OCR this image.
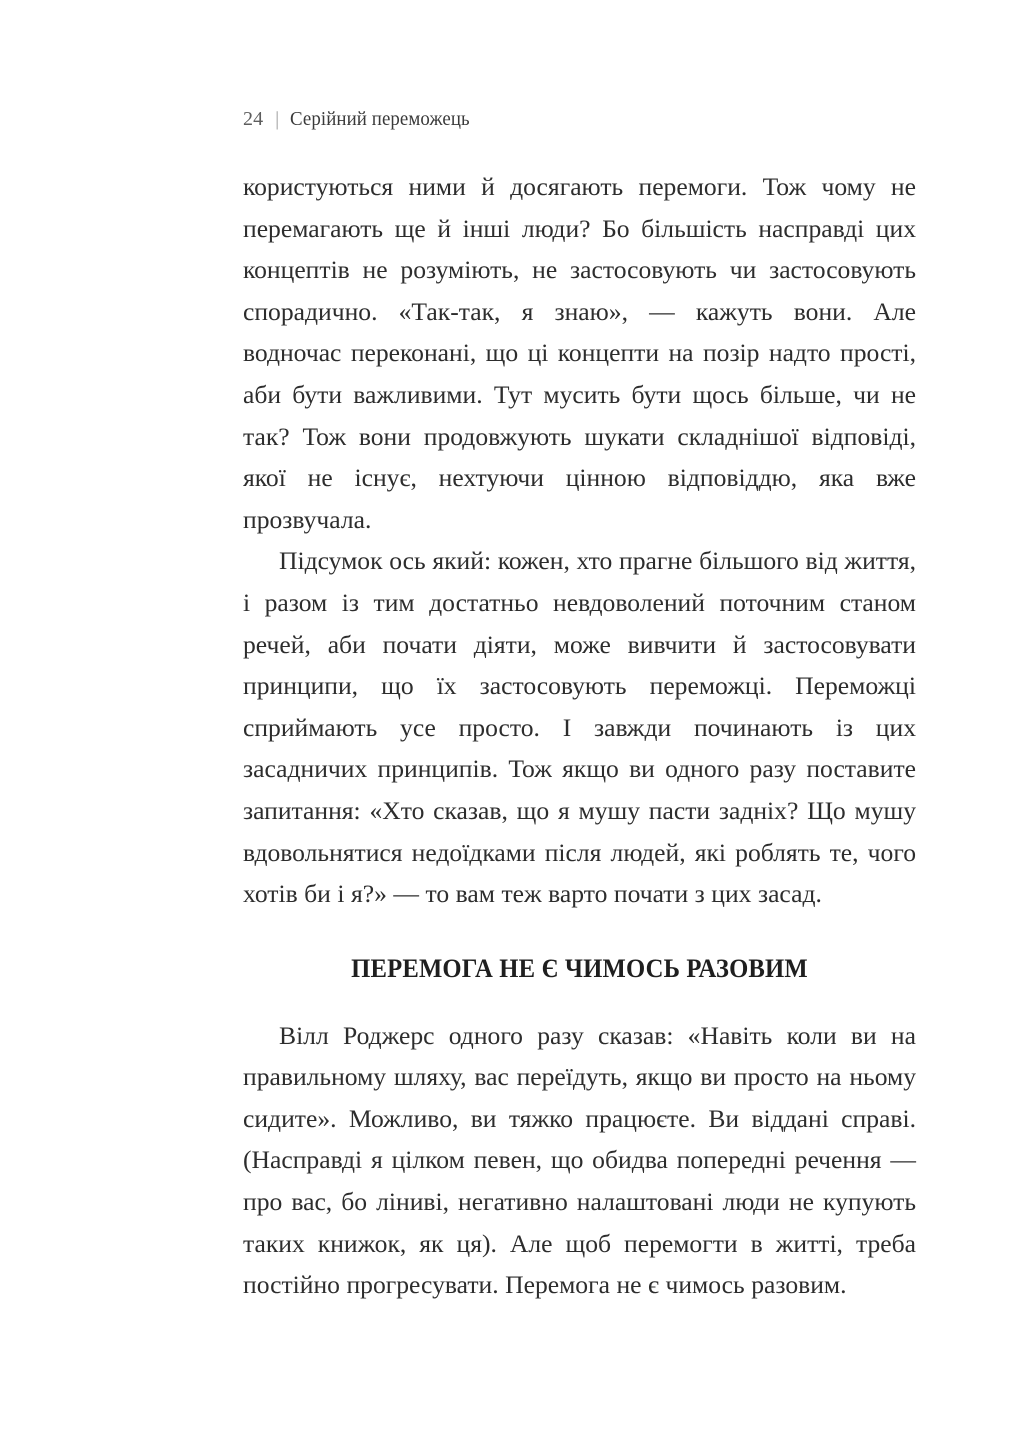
24 | Серійний переможець

користуються ними й досягають перемоги. Тож чому не перемагають ще й інші люди? Бо більшість насправді цих концептів не розуміють, не застосовують чи застосовують спорадично. «Так-так, я знаю», — кажуть вони. Але водночас переконані, що ці концепти на позір надто прості, аби бути важливими. Тут мусить бути щось більше, чи не так? Тож вони продовжують шукати складнішої відповіді, якої не існує, нехтуючи цінною відповіддю, яка вже прозвучала.

Підсумок ось який: кожен, хто прагне більшого від життя, і разом із тим достатньо невдоволений поточним станом речей, аби почати діяти, може вивчити й застосовувати принципи, що їх застосовують переможці. Переможці сприймають усе просто. І завжди починають із цих засадничих принципів. Тож якщо ви одного разу поставите запитання: «Хто сказав, що я мушу пасти задніх? Що мушу вдовольнятися недоїдками після людей, які роблять те, чого хотів би і я?» — то вам теж варто почати з цих засад.

ПЕРЕМОГА НЕ Є ЧИМОСЬ РАЗОВИМ

Вілл Роджерс одного разу сказав: «Навіть коли ви на правильному шляху, вас переїдуть, якщо ви просто на ньому сидите». Можливо, ви тяжко працюєте. Ви віддані справі. (Насправді я цілком певен, що обидва попередні речення — про вас, бо ліниві, негативно налаштовані люди не купують таких книжок, як ця). Але щоб перемогти в житті, треба постійно прогресувати. Перемога не є чимось разовим.
